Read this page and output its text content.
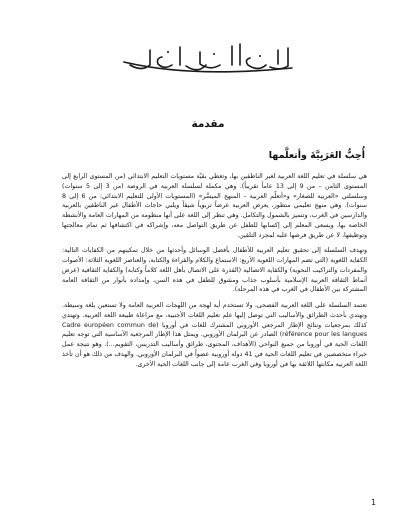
مقدمة
أُحِبُّ العَرَبِيَّةَ وأتعلَّمها

هي سلسلة في تعليم اللغة العربية لغير الناطقين بها، وتغطي بقيّة مستويات التعليم الابتدائي (من المستوى الرابع إلى المستوى الثامن – من 9 إلى 13 عاماً تقريباً). وهي مكملة لسلسلة العربية في الروضة (من 3 إلى 5 سنوات) وسلسلتي «العربية للصغار» و«أتعلّم العربية – المنهج الميسَّر» (المستويات الأولى للتعليم الابتدائي: من 6 إلى 8 سنوات). وهي منهج تعليمي متطور، يعرض العربية عرضاً تربوياً شيقاً ويلبي حاجات الأطفال غير الناطقين بالعربية والدارسين في الغرب، وتتميز بالشمول والتكامل. وهي تنظر إلى اللغة على أنها منظومة من المهارات العامة والأنشطة الخاصة بها، ويسعى المعلم إلى إكسابها للطفل عن طريق التواصل معه، وإشراكه في اكتشافها ثم تمام معالجتها وتوظيفها، لا عن طريق فرضها عليه لمجرد التلقين.

وتهدف السلسلة إلى تحقيق تعليم العربية للأطفال بأفضل الوسائل وأحدثها من خلال تمكينهم من الكفايات التالية: الكفاية اللغوية (التي تضم المهارات اللغوية الأربع: الاستماع والكلام والقراءة والكتابة، والعناصر اللغوية الثلاثة: الأصوات والمفردات والتراكيب النحوية) والكفاية الاتصالية (القدرة على الاتصال بأهل اللغة كلاماً وكتابة) والكفاية الثقافية (عرض أنماط الثقافة العربية الإسلامية بأسلوب جذاب ومشوق للطفل في هذه السن، وإمداده بأنوار من الثقافة العامة المشتركة بين الأطفال في الغرب في هذه المرحلة).

تعتمد السلسلة على اللغة العربية الفصحى، ولا تستخدم أية لهجة من اللهجات العربية العامة ولا تستعين بلغة وسيطة. وتهتدي بأحدث الطرائق والأساليب التي توصل إليها علم تعليم اللغات الأجنبية، مع مراعاة طبيعة اللغة العربية. وتهتدي كذلك بمرجعيات ونتائج الإطار المرجعي الأوروبي المشترك للغات في أوروبا (Cadre européen commun de référence pour les langues) الصادر عن البرلمان الأوروبي. ويمثل هذا الإطار المرجعية الأساسية التي توجه تعليم اللغات الحية في أوروبا من جميع النواحي (الأهداف، المحتوى، طرائق وأساليب التدريس، التقويم...). وهو نتيجة عمل خبراء متخصصين في تعليم اللغات الحية في 41 دولة أوروبية عضواً في البرلمان الأوروبي. والهدف من ذلك هو أن تأخذ اللغة العربية مكانتها اللائقة بها في أوروبا وفي الغرب عامة إلى جانب اللغات الحية الأخرى.

1
